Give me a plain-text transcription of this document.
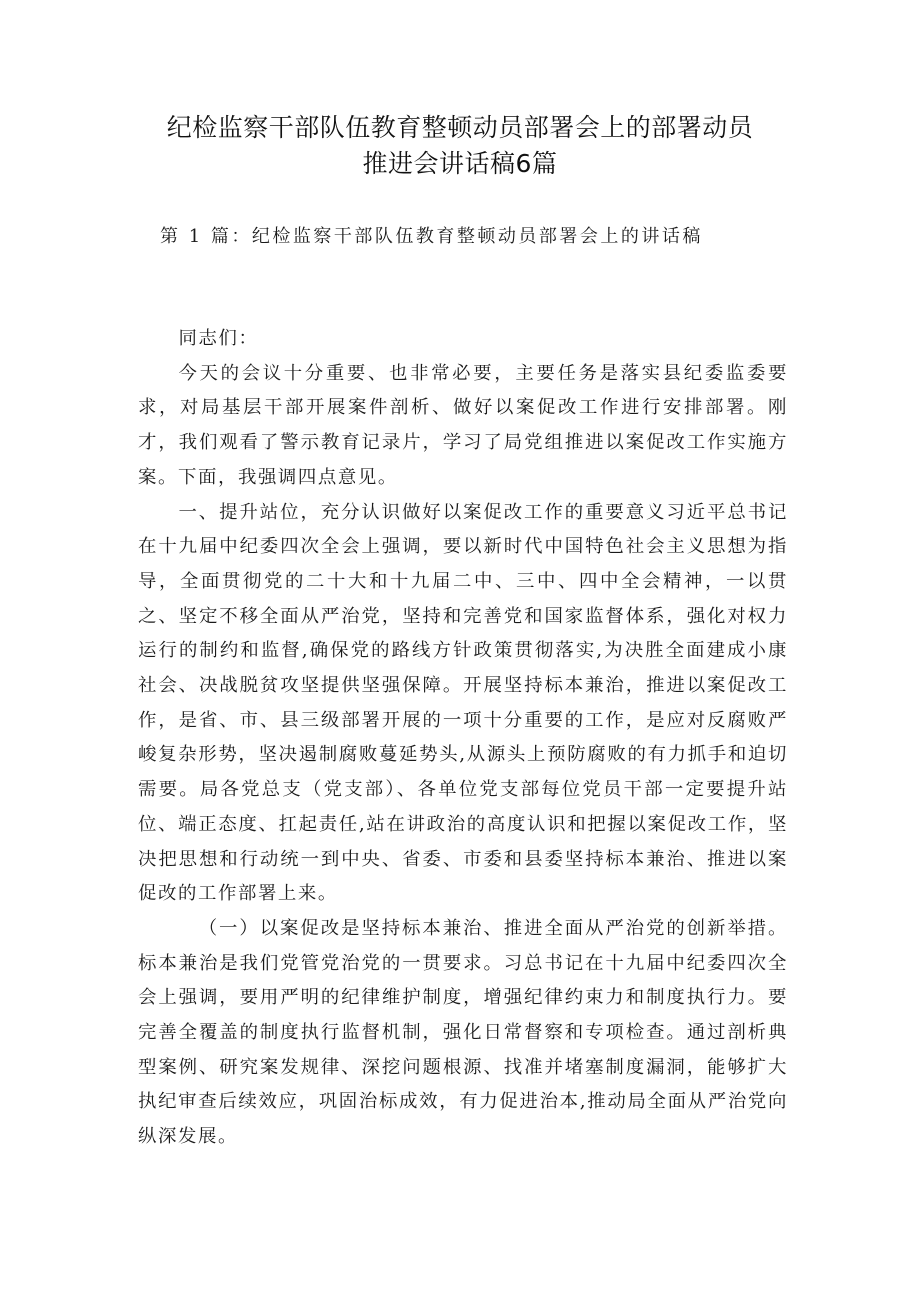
纪检监察干部队伍教育整顿动员部署会上的部署动员
推进会讲话稿6篇
第 1 篇：纪检监察干部队伍教育整顿动员部署会上的讲话稿

同志们：

今天的会议十分重要、也非常必要，主要任务是落实县纪委监委要求，对局基层干部开展案件剖析、做好以案促改工作进行安排部署。刚才，我们观看了警示教育记录片，学习了局党组推进以案促改工作实施方案。下面，我强调四点意见。

一、提升站位，充分认识做好以案促改工作的重要意义习近平总书记在十九届中纪委四次全会上强调，要以新时代中国特色社会主义思想为指导，全面贯彻党的二十大和十九届二中、三中、四中全会精神，一以贯之、坚定不移全面从严治党，坚持和完善党和国家监督体系，强化对权力运行的制约和监督,确保党的路线方针政策贯彻落实,为决胜全面建成小康社会、决战脱贫攻坚提供坚强保障。开展坚持标本兼治，推进以案促改工作，是省、市、县三级部署开展的一项十分重要的工作，是应对反腐败严峻复杂形势，坚决遏制腐败蔓延势头,从源头上预防腐败的有力抓手和迫切需要。局各党总支（党支部）、各单位党支部每位党员干部一定要提升站位、端正态度、扛起责任,站在讲政治的高度认识和把握以案促改工作，坚决把思想和行动统一到中央、省委、市委和县委坚持标本兼治、推进以案促改的工作部署上来。

（一）以案促改是坚持标本兼治、推进全面从严治党的创新举措。标本兼治是我们党管党治党的一贯要求。习总书记在十九届中纪委四次全会上强调，要用严明的纪律维护制度，增强纪律约束力和制度执行力。要完善全覆盖的制度执行监督机制，强化日常督察和专项检查。通过剖析典型案例、研究案发规律、深挖问题根源、找准并堵塞制度漏洞，能够扩大执纪审查后续效应，巩固治标成效，有力促进治本,推动局全面从严治党向纵深发展。
